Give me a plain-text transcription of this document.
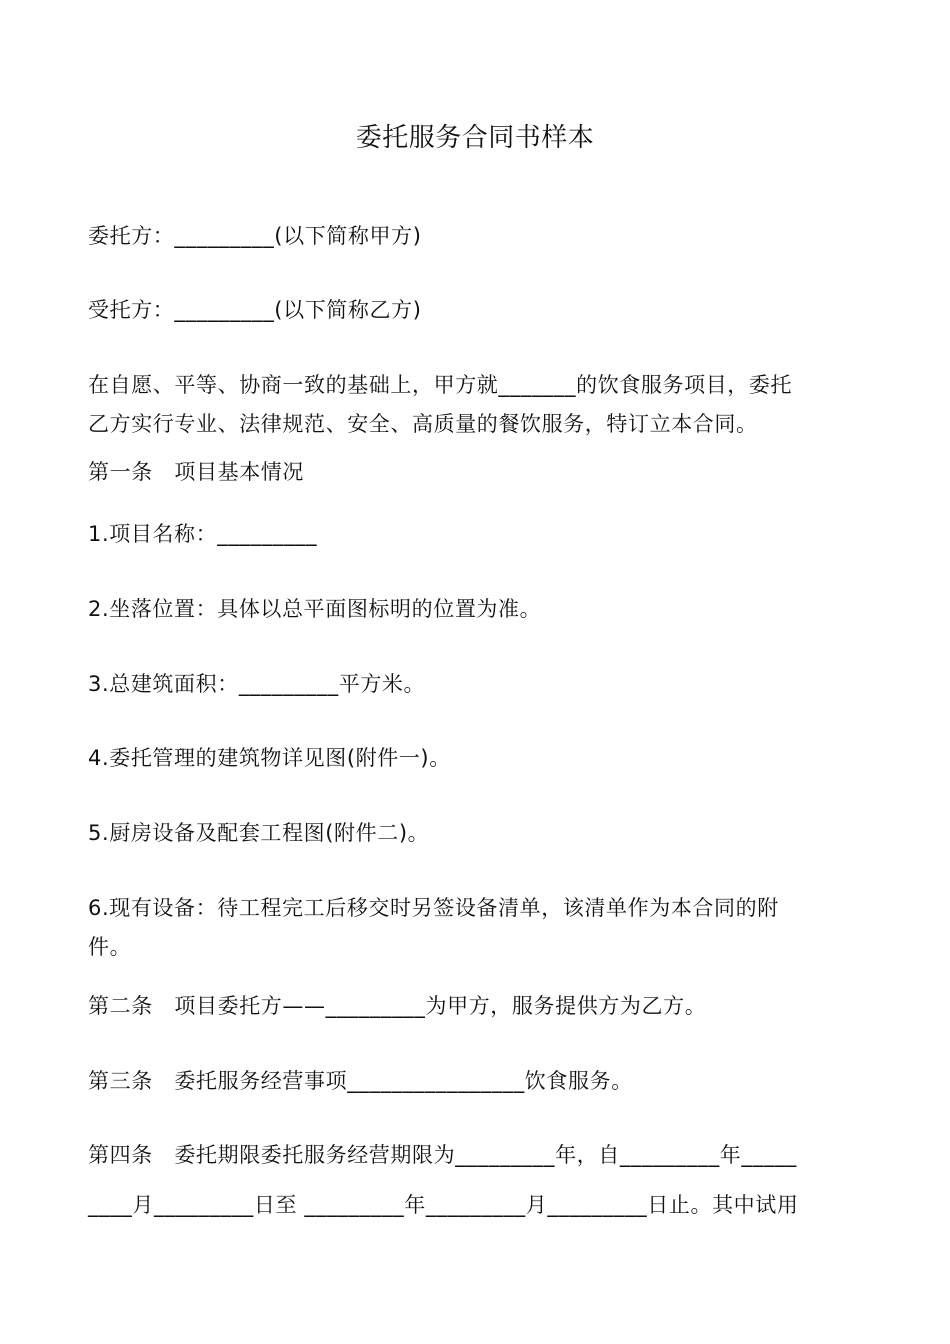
委托服务合同书样本
委托方：_________(以下简称甲方)
受托方：_________(以下简称乙方)
在自愿、平等、协商一致的基础上，甲方就_______的饮食服务项目，委托
乙方实行专业、法律规范、安全、高质量的餐饮服务，特订立本合同。
第一条　项目基本情况
1.项目名称：_________
2.坐落位置：具体以总平面图标明的位置为准。
3.总建筑面积：_________平方米。
4.委托管理的建筑物详见图(附件一)。
5.厨房设备及配套工程图(附件二)。
6.现有设备：待工程完工后移交时另签设备清单，该清单作为本合同的附
件。
第二条　项目委托方——_________为甲方，服务提供方为乙方。
第三条　委托服务经营事项________________饮食服务。
第四条　委托期限委托服务经营期限为_________年，自_________年_____
____月_________日至 _________年_________月_________日止。其中试用
